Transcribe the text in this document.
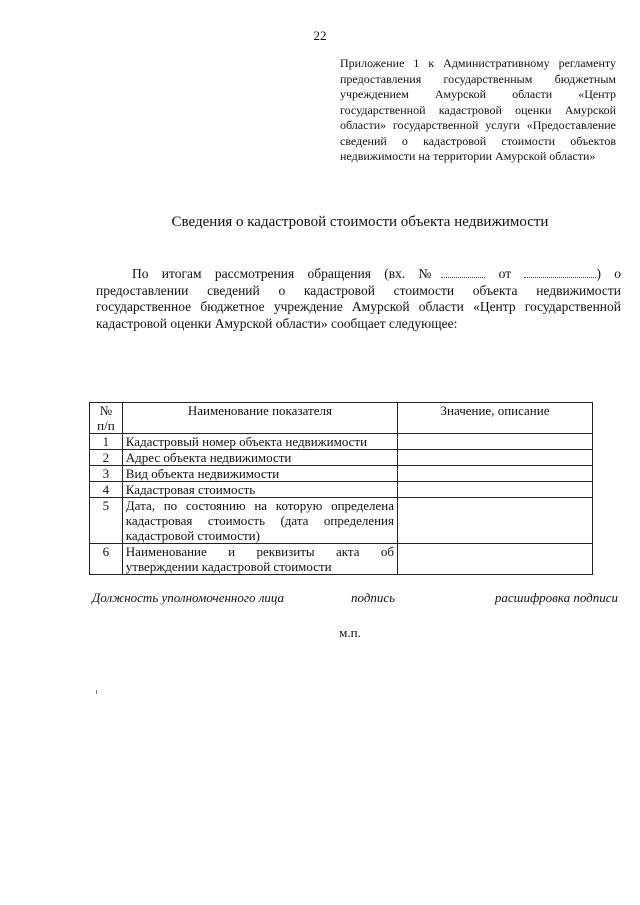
22
Приложение 1 к Административному регламенту предоставления государственным бюджетным учреждением Амурской области «Центр государственной кадастровой оценки Амурской области» государственной услуги «Предоставление сведений о кадастровой стоимости объектов недвижимости на территории Амурской области»
Сведения о кадастровой стоимости объекта недвижимости
По итогам рассмотрения обращения (вх. №	от	) о предоставлении сведений о кадастровой стоимости объекта недвижимости государственное бюджетное учреждение Амурской области «Центр государственной кадастровой оценки Амурской области» сообщает следующее:
№ п/п	Наименование показателя	Значение, описание
1	Кадастровый номер объекта недвижимости	
2	Адрес объекта недвижимости	
3	Вид объекта недвижимости	
4	Кадастровая стоимость	
5	Дата, по состоянию на которую определена кадастровая стоимость (дата определения кадастровой стоимости)	
6	Наименование и реквизиты акта об утверждении кадастровой стоимости	
Должность уполномоченного лица	подпись	расшифровка подписи
м.п.
